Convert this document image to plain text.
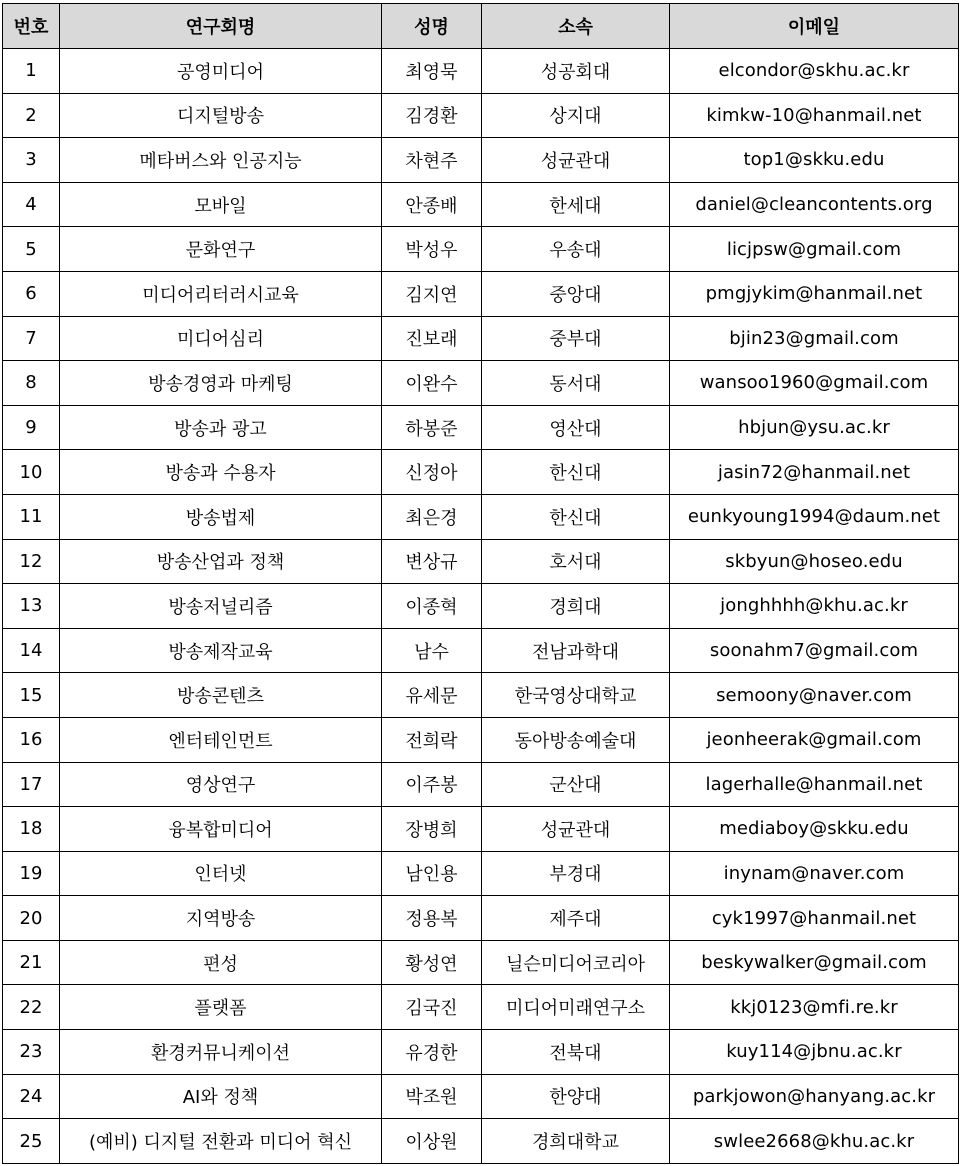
번호	연구회명	성명	소속	이메일
1	공영미디어	최영묵	성공회대	elcondor@skhu.ac.kr
2	디지털방송	김경환	상지대	kimkw-10@hanmail.net
3	메타버스와 인공지능	차현주	성균관대	top1@skku.edu
4	모바일	안종배	한세대	daniel@cleancontents.org
5	문화연구	박성우	우송대	licjpsw@gmail.com
6	미디어리터러시교육	김지연	중앙대	pmgjykim@hanmail.net
7	미디어심리	진보래	중부대	bjin23@gmail.com
8	방송경영과 마케팅	이완수	동서대	wansoo1960@gmail.com
9	방송과 광고	하봉준	영산대	hbjun@ysu.ac.kr
10	방송과 수용자	신정아	한신대	jasin72@hanmail.net
11	방송법제	최은경	한신대	eunkyoung1994@daum.net
12	방송산업과 정책	변상규	호서대	skbyun@hoseo.edu
13	방송저널리즘	이종혁	경희대	jonghhhh@khu.ac.kr
14	방송제작교육	남수	전남과학대	soonahm7@gmail.com
15	방송콘텐츠	유세문	한국영상대학교	semoony@naver.com
16	엔터테인먼트	전희락	동아방송예술대	jeonheerak@gmail.com
17	영상연구	이주봉	군산대	lagerhalle@hanmail.net
18	융복합미디어	장병희	성균관대	mediaboy@skku.edu
19	인터넷	남인용	부경대	inynam@naver.com
20	지역방송	정용복	제주대	cyk1997@hanmail.net
21	편성	황성연	닐슨미디어코리아	beskywalker@gmail.com
22	플랫폼	김국진	미디어미래연구소	kkj0123@mfi.re.kr
23	환경커뮤니케이션	유경한	전북대	kuy114@jbnu.ac.kr
24	AI와 정책	박조원	한양대	parkjowon@hanyang.ac.kr
25	(예비) 디지털 전환과 미디어 혁신	이상원	경희대학교	swlee2668@khu.ac.kr
